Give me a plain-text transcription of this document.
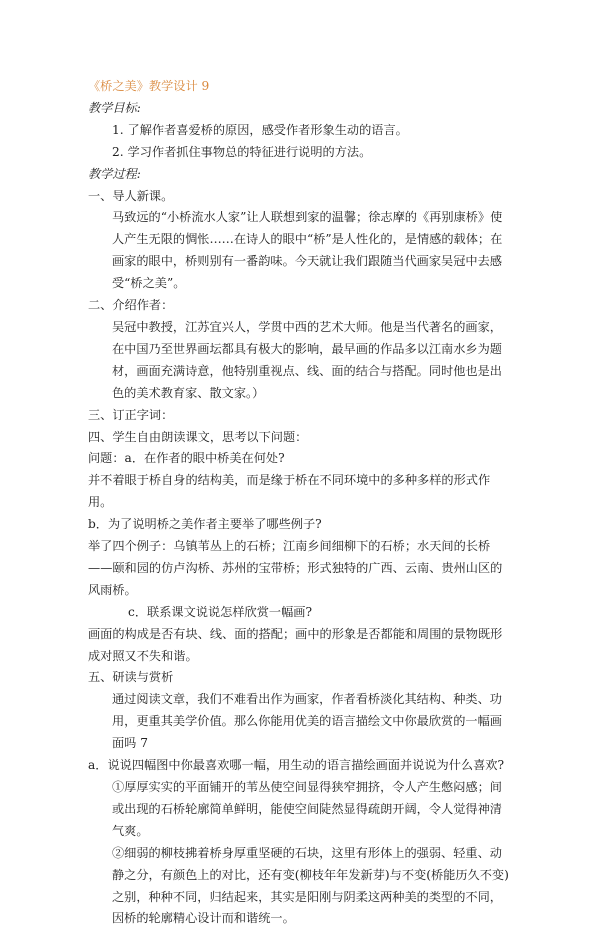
《桥之美》教学设计 9

教学目标:

1. 了解作者喜爱桥的原因，感受作者形象生动的语言。

2. 学习作者抓住事物总的特征进行说明的方法。

教学过程:

一、导人新课。

马致远的“小桥流水人家”让人联想到家的温馨；徐志摩的《再别康桥》使人产生无限的惆怅……在诗人的眼中“桥”是人性化的，是情感的载体；在画家的眼中，桥则别有一番韵味。今天就让我们跟随当代画家吴冠中去感受“桥之美”。

二、介绍作者：

吴冠中教授，江苏宜兴人，学贯中西的艺术大师。他是当代著名的画家，在中国乃至世界画坛都具有极大的影响，最早画的作品多以江南水乡为题材，画面充满诗意，他特别重视点、线、面的结合与搭配。同时他也是出色的美术教育家、散文家。）

三、订正字词：

四、学生自由朗读课文，思考以下问题：

问题：a．在作者的眼中桥美在何处?

并不着眼于桥自身的结构美，而是缘于桥在不同环境中的多种多样的形式作用。

b．为了说明桥之美作者主要举了哪些例子?

举了四个例子：乌镇苇丛上的石桥；江南乡间细柳下的石桥；水天间的长桥——颐和园的仿卢沟桥、苏州的宝带桥；形式独特的广西、云南、贵州山区的风雨桥。

c．联系课文说说怎样欣赏一幅画?

画面的构成是否有块、线、面的搭配；画中的形象是否都能和周围的景物既形成对照又不失和谐。

五、研读与赏析

通过阅读文章，我们不难看出作为画家，作者看桥淡化其结构、种类、功用，更重其美学价值。那么你能用优美的语言描绘文中你最欣赏的一幅画面吗 7

a．说说四幅图中你最喜欢哪一幅，用生动的语言描绘画面并说说为什么喜欢?

①厚厚实实的平面铺开的苇丛使空间显得狭窄拥挤，令人产生憋闷感；间或出现的石桥轮廓简单鲜明，能使空间陡然显得疏朗开阔，令人觉得神清气爽。

②细弱的柳枝拂着桥身厚重坚硬的石块，这里有形体上的强弱、轻重、动静之分，有颜色上的对比，还有变(柳枝年年发新芽)与不变(桥能历久不变)之别，种种不同，归结起来，其实是阳刚与阴柔这两种美的类型的不同，因桥的轮廓精心设计而和谐统一。
